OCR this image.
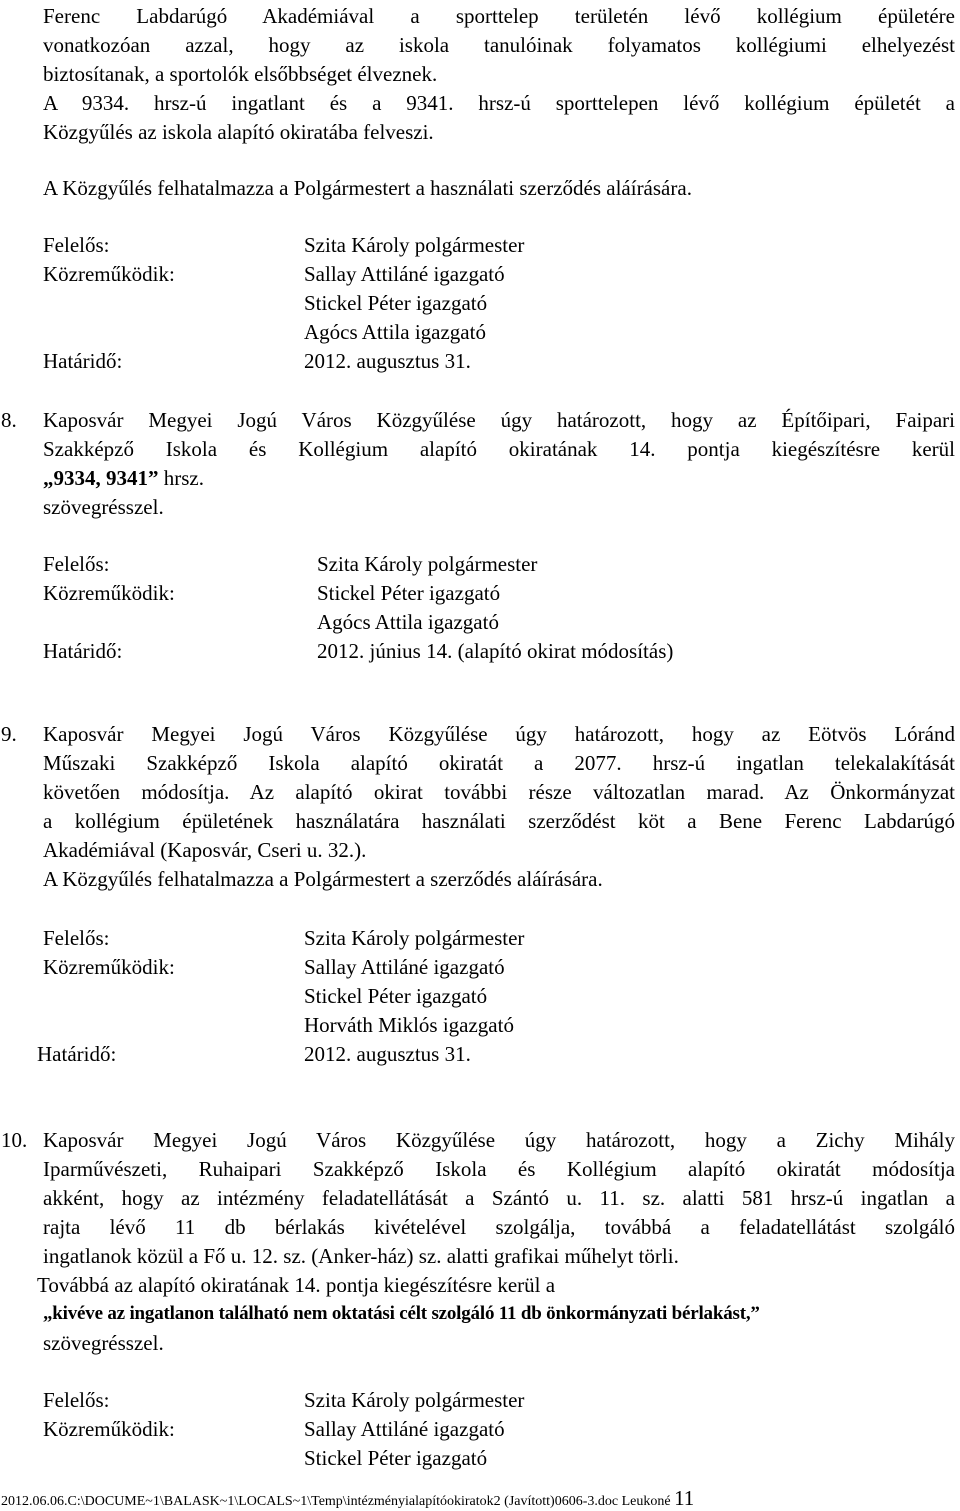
Ferenc Labdarúgó Akadémiával a sporttelep területén lévő kollégium épületére
vonatkozóan azzal, hogy az iskola tanulóinak folyamatos kollégiumi elhelyezést
biztosítanak, a sportolók elsőbbséget élveznek.
A 9334. hrsz-ú ingatlant és a 9341. hrsz-ú sporttelepen lévő kollégium épületét a
Közgyűlés az iskola alapító okiratába felveszi.
A Közgyűlés felhatalmazza a Polgármestert a használati szerződés aláírására.
Felelős:	Szita Károly polgármester
Közreműködik:	Sallay Attiláné igazgató
Stickel Péter igazgató
Agócs Attila igazgató
Határidő:	2012. augusztus 31.
8. Kaposvár Megyei Jogú Város Közgyűlése úgy határozott, hogy az Építőipari, Faipari
Szakképző Iskola és Kollégium alapító okiratának 14. pontja kiegészítésre kerül
„9334, 9341” hrsz.
szövegrésszel.
Felelős:	Szita Károly polgármester
Közreműködik:	Stickel Péter igazgató
Agócs Attila igazgató
Határidő:	2012. június 14. (alapító okirat módosítás)
9. Kaposvár Megyei Jogú Város Közgyűlése úgy határozott, hogy az Eötvös Lóránd
Műszaki Szakképző Iskola alapító okiratát a 2077. hrsz-ú ingatlan telekalakítását
követően módosítja. Az alapító okirat további része változatlan marad. Az Önkormányzat
a kollégium épületének használatára használati szerződést köt a Bene Ferenc Labdarúgó
Akadémiával (Kaposvár, Cseri u. 32.).
A Közgyűlés felhatalmazza a Polgármestert a szerződés aláírására.
Felelős:	Szita Károly polgármester
Közreműködik:	Sallay Attiláné igazgató
Stickel Péter igazgató
Horváth Miklós igazgató
Határidő:	2012. augusztus 31.
10. Kaposvár Megyei Jogú Város Közgyűlése úgy határozott, hogy a Zichy Mihály
Iparművészeti, Ruhaipari Szakképző Iskola és Kollégium alapító okiratát módosítja
akként, hogy az intézmény feladatellátását a Szántó u. 11. sz. alatti 581 hrsz-ú ingatlan a
rajta lévő 11 db bérlakás kivételével szolgálja, továbbá a feladatellátást szolgáló
ingatlanok közül a Fő u. 12. sz. (Anker-ház) sz. alatti grafikai műhelyt törli.
Továbbá az alapító okiratának 14. pontja kiegészítésre kerül a
„kivéve az ingatlanon található nem oktatási célt szolgáló 11 db önkormányzati bérlakást,”
szövegrésszel.
Felelős:	Szita Károly polgármester
Közreműködik:	Sallay Attiláné igazgató
Stickel Péter igazgató
2012.06.06.C:\DOCUME~1\BALASK~1\LOCALS~1\Temp\intézményialapítóokiratok2 (Javított)0606-3.doc Leukoné 11
